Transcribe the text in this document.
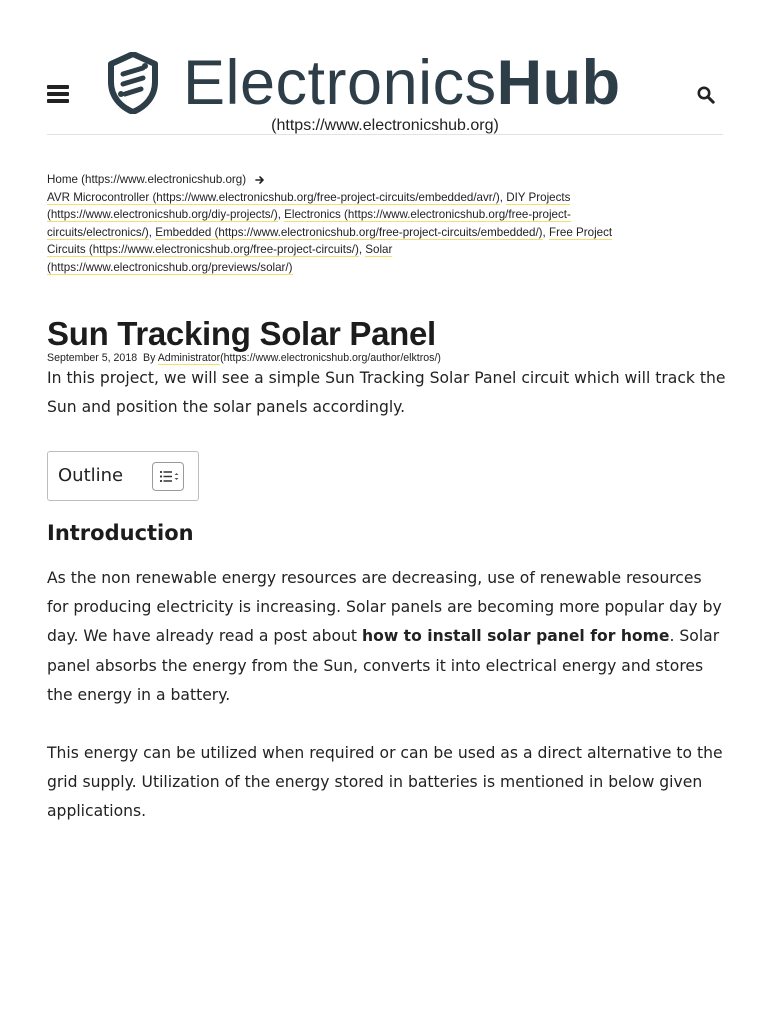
ElectronicsHub
(https://www.electronicshub.org)
Home (https://www.electronicshub.org)
AVR Microcontroller (https://www.electronicshub.org/free-project-circuits/embedded/avr/), DIY Projects
(https://www.electronicshub.org/diy-projects/), Electronics (https://www.electronicshub.org/free-project-
circuits/electronics/), Embedded (https://www.electronicshub.org/free-project-circuits/embedded/), Free Project
Circuits (https://www.electronicshub.org/free-project-circuits/), Solar
(https://www.electronicshub.org/previews/solar/)
Sun Tracking Solar Panel
September 5, 2018 By Administrator(https://www.electronicshub.org/author/elktros/)

In this project, we will see a simple Sun Tracking Solar Panel circuit which will track the Sun and position the solar panels accordingly.

Outline
Introduction

As the non renewable energy resources are decreasing, use of renewable resources for producing electricity is increasing. Solar panels are becoming more popular day by day. We have already read a post about how to install solar panel for home. Solar panel absorbs the energy from the Sun, converts it into electrical energy and stores the energy in a battery.

This energy can be utilized when required or can be used as a direct alternative to the grid supply. Utilization of the energy stored in batteries is mentioned in below given applications.
